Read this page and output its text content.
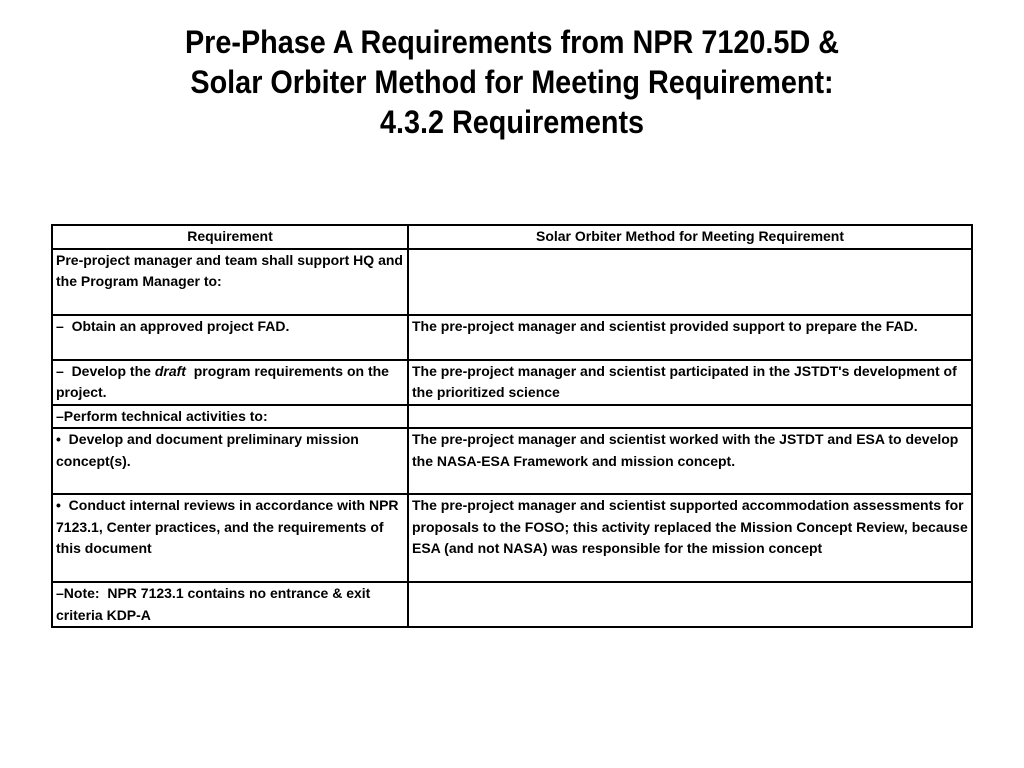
Pre-Phase A Requirements from NPR 7120.5D &
Solar Orbiter Method for Meeting Requirement:
4.3.2 Requirements
Requirement	Solar Orbiter Method for Meeting Requirement
Pre-project manager and team shall support HQ and the Program Manager to:	
–  Obtain an approved project FAD.	The pre-project manager and scientist provided support to prepare the FAD.
–  Develop the draft  program requirements on the project.	The pre-project manager and scientist participated in the JSTDT's development of the prioritized science
–Perform technical activities to:	
•  Develop and document preliminary mission concept(s).	The pre-project manager and scientist worked with the JSTDT and ESA to develop the NASA-ESA Framework and mission concept.
•  Conduct internal reviews in accordance with NPR 7123.1, Center practices, and the requirements of this document	The pre-project manager and scientist supported accommodation assessments for proposals to the FOSO; this activity replaced the Mission Concept Review, because ESA (and not NASA) was responsible for the mission concept
–Note:  NPR 7123.1 contains no entrance & exit criteria KDP-A	
